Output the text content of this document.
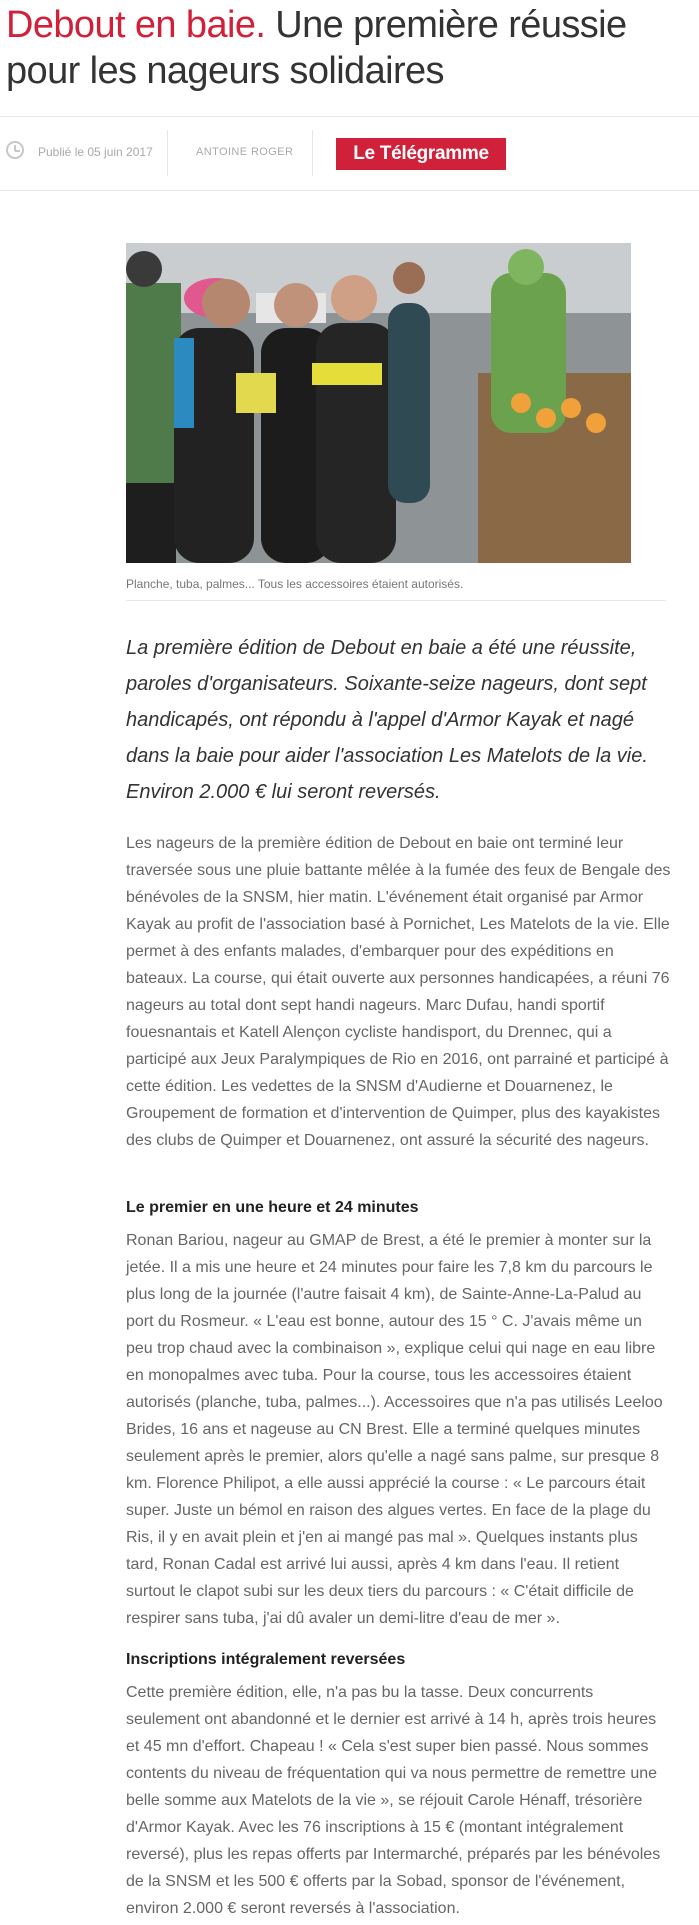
Debout en baie. Une première réussie pour les nageurs solidaires
Publié le 05 juin 2017	ANTOINE ROGER	Le Télégramme
Planche, tuba, palmes... Tous les accessoires étaient autorisés.

La première édition de Debout en baie a été une réussite, paroles d'organisateurs. Soixante-seize nageurs, dont sept handicapés, ont répondu à l'appel d'Armor Kayak et nagé dans la baie pour aider l'association Les Matelots de la vie. Environ 2.000 € lui seront reversés.

Les nageurs de la première édition de Debout en baie ont terminé leur traversée sous une pluie battante mêlée à la fumée des feux de Bengale des bénévoles de la SNSM, hier matin. L'événement était organisé par Armor Kayak au profit de l'association basé à Pornichet, Les Matelots de la vie. Elle permet à des enfants malades, d'embarquer pour des expéditions en bateaux. La course, qui était ouverte aux personnes handicapées, a réuni 76 nageurs au total dont sept handi nageurs. Marc Dufau, handi sportif fouesnantais et Katell Alençon cycliste handisport, du Drennec, qui a participé aux Jeux Paralympiques de Rio en 2016, ont parrainé et participé à cette édition. Les vedettes de la SNSM d'Audierne et Douarnenez, le Groupement de formation et d'intervention de Quimper, plus des kayakistes des clubs de Quimper et Douarnenez, ont assuré la sécurité des nageurs.

Le premier en une heure et 24 minutes

Ronan Bariou, nageur au GMAP de Brest, a été le premier à monter sur la jetée. Il a mis une heure et 24 minutes pour faire les 7,8 km du parcours le plus long de la journée (l'autre faisait 4 km), de Sainte-Anne-La-Palud au port du Rosmeur. « L'eau est bonne, autour des 15 ° C. J'avais même un peu trop chaud avec la combinaison », explique celui qui nage en eau libre en monopalmes avec tuba. Pour la course, tous les accessoires étaient autorisés (planche, tuba, palmes...). Accessoires que n'a pas utilisés Leeloo Brides, 16 ans et nageuse au CN Brest. Elle a terminé quelques minutes seulement après le premier, alors qu'elle a nagé sans palme, sur presque 8 km. Florence Philipot, a elle aussi apprécié la course : « Le parcours était super. Juste un bémol en raison des algues vertes. En face de la plage du Ris, il y en avait plein et j'en ai mangé pas mal ». Quelques instants plus tard, Ronan Cadal est arrivé lui aussi, après 4 km dans l'eau. Il retient surtout le clapot subi sur les deux tiers du parcours : « C'était difficile de respirer sans tuba, j'ai dû avaler un demi-litre d'eau de mer ».

Inscriptions intégralement reversées

Cette première édition, elle, n'a pas bu la tasse. Deux concurrents seulement ont abandonné et le dernier est arrivé à 14 h, après trois heures et 45 mn d'effort. Chapeau ! « Cela s'est super bien passé. Nous sommes contents du niveau de fréquentation qui va nous permettre de remettre une belle somme aux Matelots de la vie », se réjouit Carole Hénaff, trésorière d'Armor Kayak. Avec les 76 inscriptions à 15 € (montant intégralement reversé), plus les repas offerts par Intermarché, préparés par les bénévoles de la SNSM et les 500 € offerts par la Sobad, sponsor de l'événement, environ 2.000 € seront reversés à l'association.
